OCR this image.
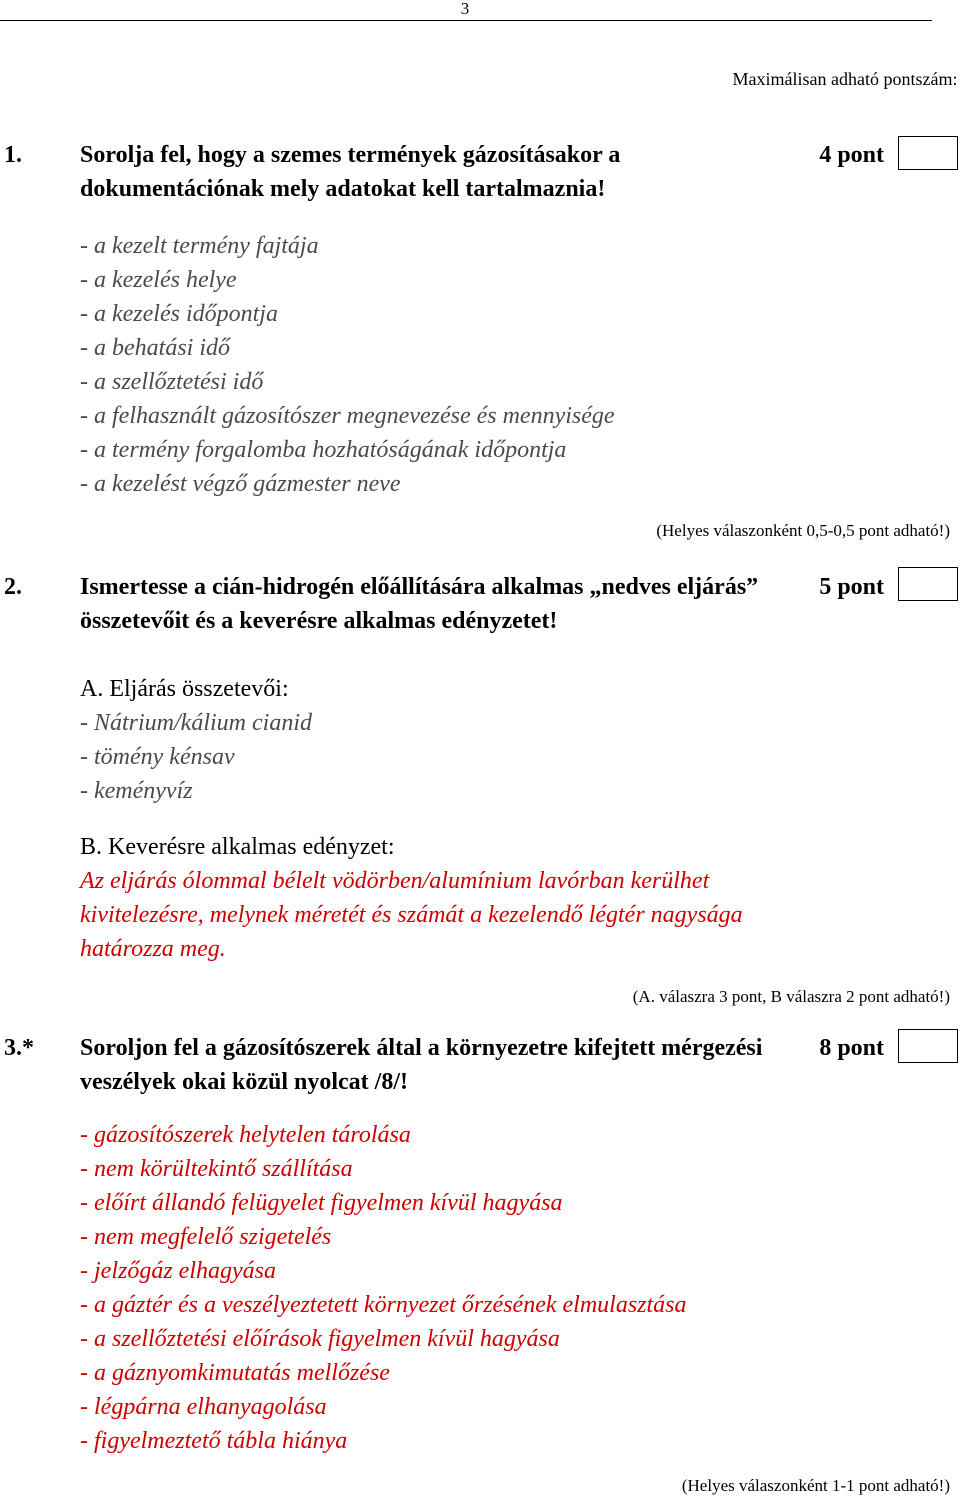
3
Maximálisan adható pontszám:
1. Sorolja fel, hogy a szemes termények gázosításakor a dokumentációnak mely adatokat kell tartalmaznia!
4 pont
- a kezelt termény fajtája
- a kezelés helye
- a kezelés időpontja
- a behatási idő
- a szellőztetési idő
- a felhasznált gázosítószer megnevezése és mennyisége
- a termény forgalomba hozhatóságának időpontja
- a kezelést végző gázmester neve
(Helyes válaszonként 0,5-0,5 pont adható!)
2. Ismertesse a cián-hidrogén előállítására alkalmas „nedves eljárás” összetevőit és a keverésre alkalmas edényzetet!
5 pont
A. Eljárás összetevői:
- Nátrium/kálium cianid
- tömény kénsav
- keményvíz
B. Keverésre alkalmas edényzet:
Az eljárás ólommal bélelt vödörben/alumínium lavórban kerülhet
kivitelezésre, melynek méretét és számát a kezelendő légtér nagysága
határozza meg.
(A. válaszra 3 pont, B válaszra 2 pont adható!)
3.* Soroljon fel a gázosítószerek által a környezetre kifejtett mérgezési veszélyek okai közül nyolcat /8/!
8 pont
- gázosítószerek helytelen tárolása
- nem körültekintő szállítása
- előírt állandó felügyelet figyelmen kívül hagyása
- nem megfelelő szigetelés
- jelzőgáz elhagyása
- a gáztér és a veszélyeztetett környezet őrzésének elmulasztása
- a szellőztetési előírások figyelmen kívül hagyása
- a gáznyomkimutatás mellőzése
- légpárna elhanyagolása
- figyelmeztető tábla hiánya
(Helyes válaszonként 1-1 pont adható!)
